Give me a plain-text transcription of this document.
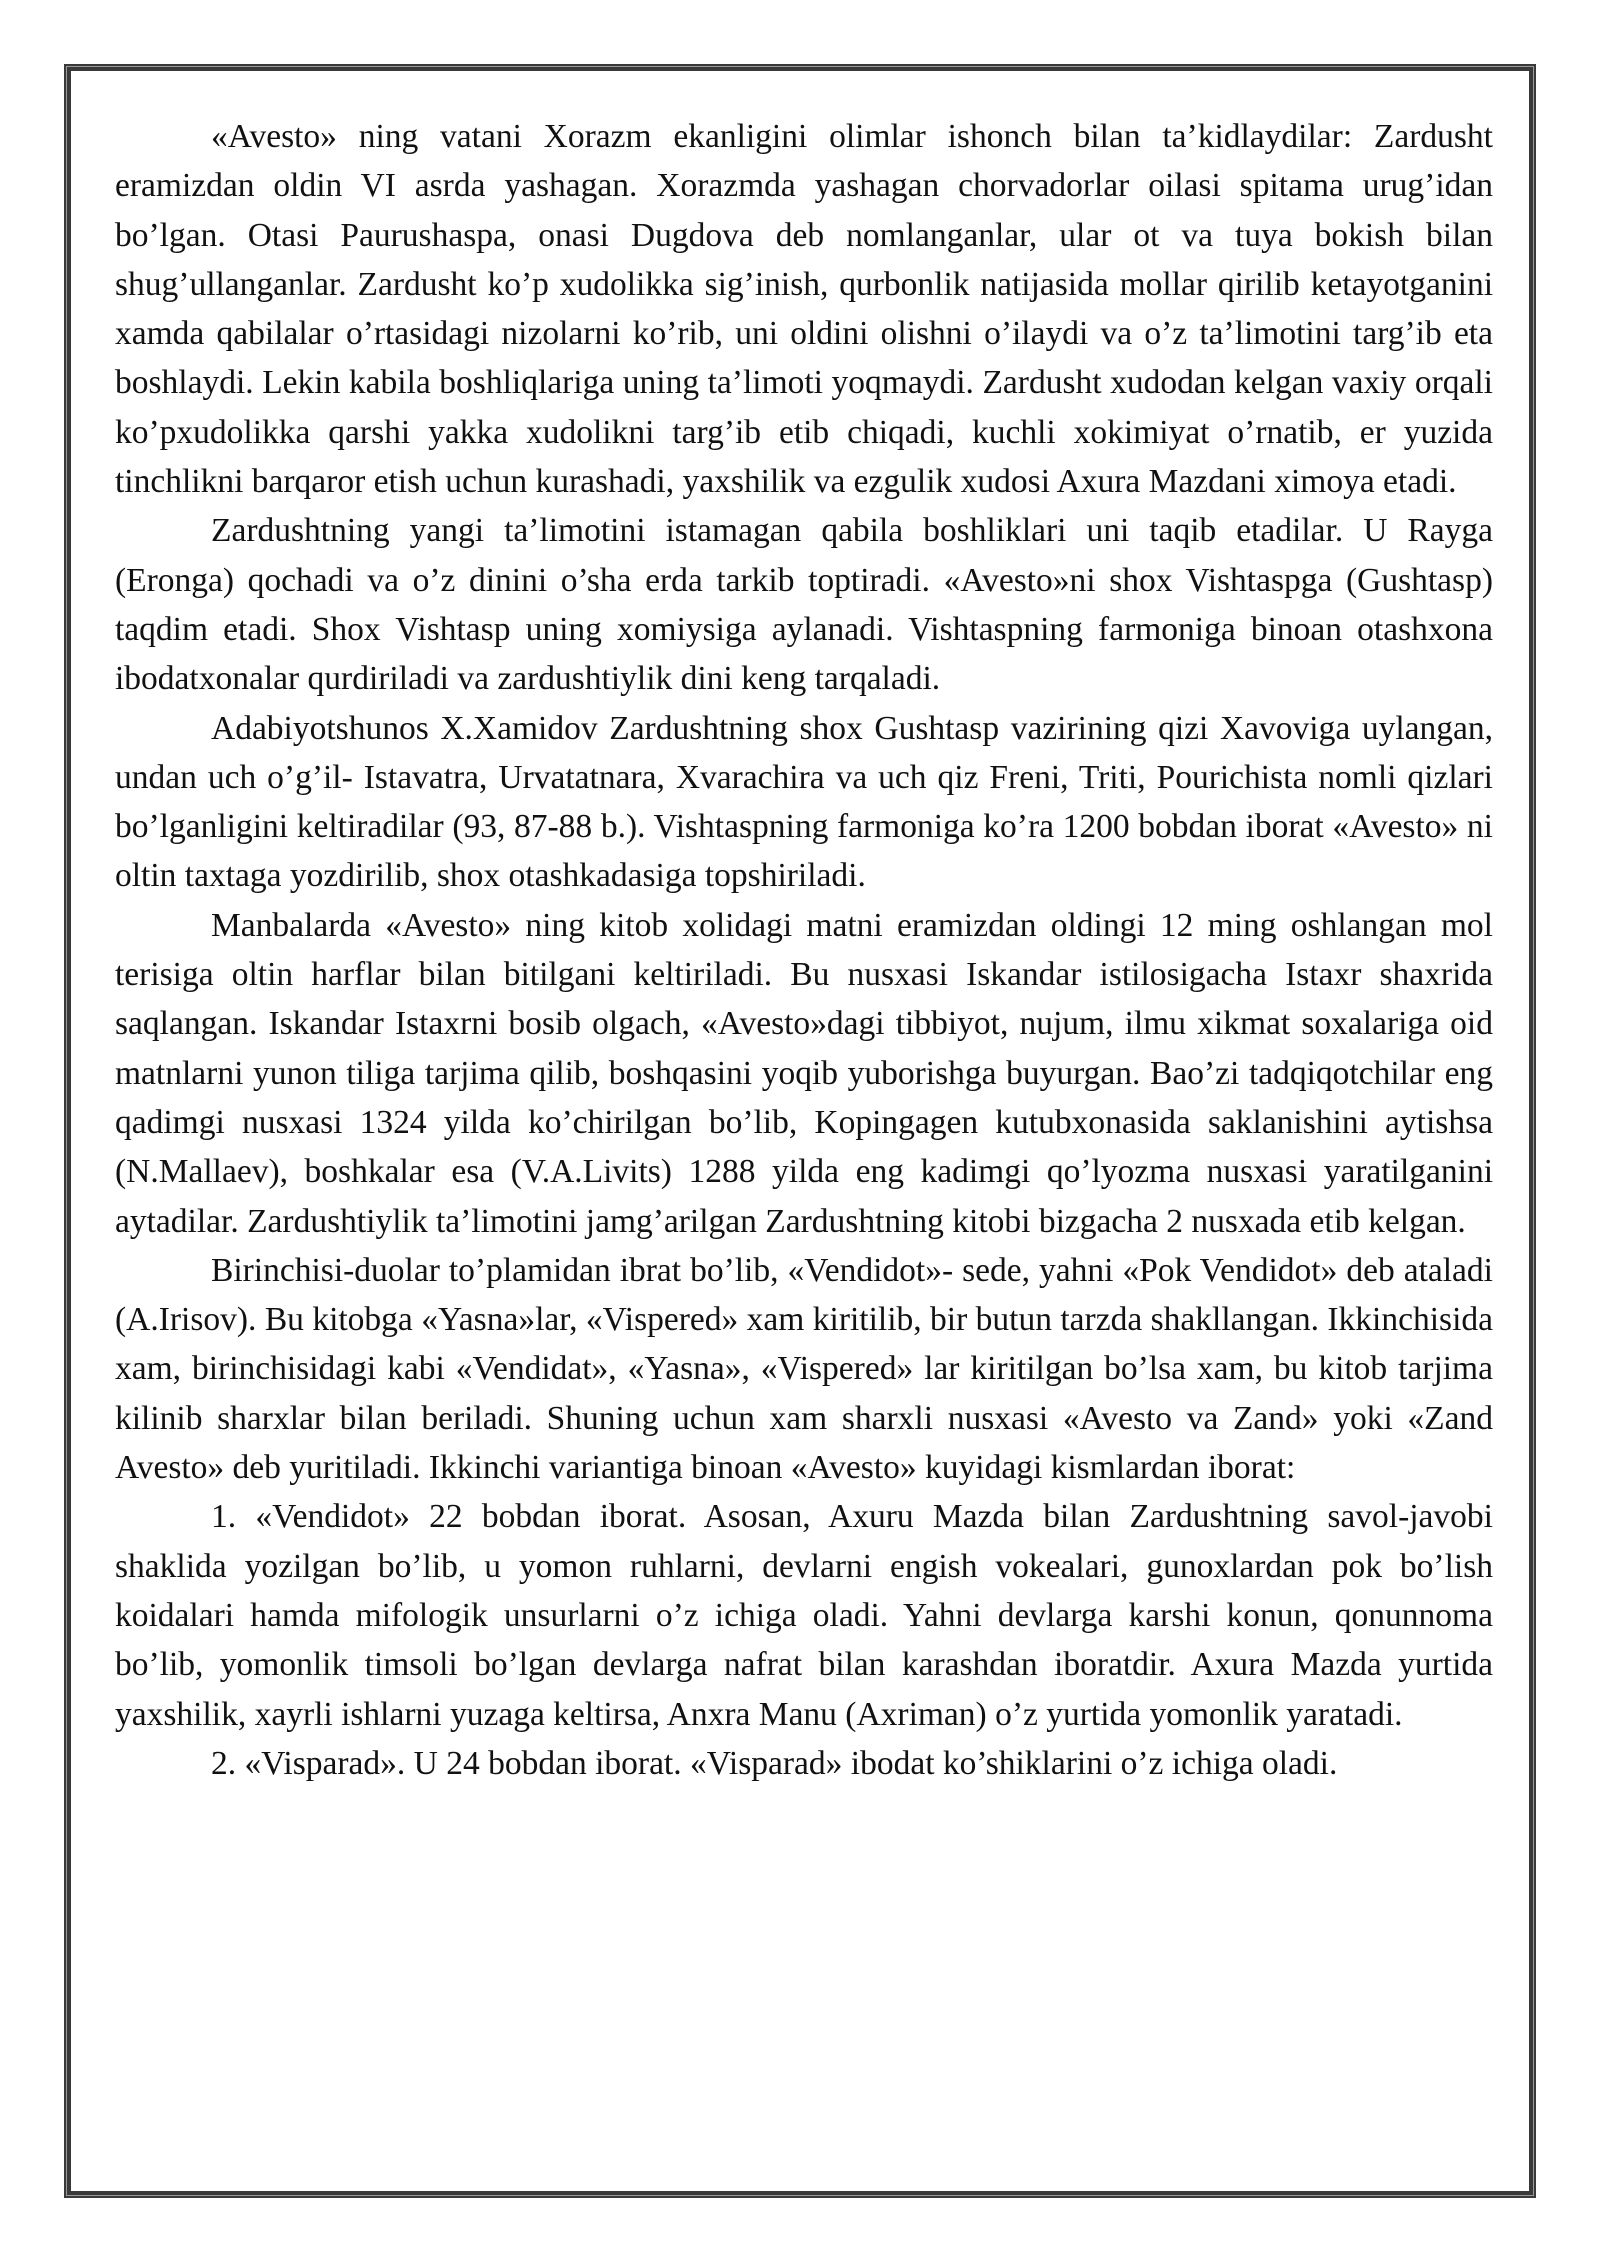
«Avesto» ning vatani Xorazm ekanligini olimlar ishonch bilan ta’kidlaydilar: Zardusht eramizdan oldin VI asrda yashagan. Xorazmda yashagan chorvadorlar oilasi spitama urug’idan bo’lgan. Otasi Paurushaspa, onasi Dugdova deb nomlanganlar, ular ot va tuya bokish bilan shug’ullanganlar. Zardusht ko’p xudolikka sig’inish, qurbonlik natijasida mollar qirilib ketayotganini xamda qabilalar o’rtasidagi nizolarni ko’rib, uni oldini olishni o’ilaydi va o’z ta’limotini targ’ib eta boshlaydi. Lekin kabila boshliqlariga uning ta’limoti yoqmaydi. Zardusht xudodan kelgan vaxiy orqali ko’pxudolikka qarshi yakka xudolikni targ’ib etib chiqadi, kuchli xokimiyat o’rnatib, er yuzida tinchlikni barqaror etish uchun kurashadi, yaxshilik va ezgulik xudosi Axura Mazdani ximoya etadi.

Zardushtning yangi ta’limotini istamagan qabila boshliklari uni taqib etadilar. U Rayga (Eronga) qochadi va o’z dinini o’sha erda tarkib toptiradi. «Avesto»ni shox Vishtaspga (Gushtasp) taqdim etadi. Shox Vishtasp uning xomiysiga aylanadi. Vishtaspning farmoniga binoan otashxona ibodatxonalar qurdiriladi va zardushtiylik dini keng tarqaladi.

Adabiyotshunos X.Xamidov Zardushtning shox Gushtasp vazirining qizi Xavoviga uylangan, undan uch o’g’il- Istavatra, Urvatatnara, Xvarachira va uch qiz Freni, Triti, Pourichista nomli qizlari bo’lganligini keltiradilar (93, 87-88 b.). Vishtaspning farmoniga ko’ra 1200 bobdan iborat «Avesto» ni oltin taxtaga yozdirilib, shox otashkadasiga topshiriladi.

Manbalarda «Avesto» ning kitob xolidagi matni eramizdan oldingi 12 ming oshlangan mol terisiga oltin harflar bilan bitilgani keltiriladi. Bu nusxasi Iskandar istilosigacha Istaxr shaxrida saqlangan. Iskandar Istaxrni bosib olgach, «Avesto»dagi tibbiyot, nujum, ilmu xikmat soxalariga oid matnlarni yunon tiliga tarjima qilib, boshqasini yoqib yuborishga buyurgan. Bao’zi tadqiqotchilar eng qadimgi nusxasi 1324 yilda ko’chirilgan bo’lib, Kopingagen kutubxonasida saklanishini aytishsa (N.Mallaev), boshkalar esa (V.A.Livits) 1288 yilda eng kadimgi qo’lyozma nusxasi yaratilganini aytadilar. Zardushtiylik ta’limotini jamg’arilgan Zardushtning kitobi bizgacha 2 nusxada etib kelgan.

Birinchisi-duolar to’plamidan ibrat bo’lib, «Vendidot»- sede, yahni «Pok Vendidot» deb ataladi (A.Irisov). Bu kitobga «Yasna»lar, «Vispered» xam kiritilib, bir butun tarzda shakllangan. Ikkinchisida xam, birinchisidagi kabi «Vendidat», «Yasna», «Vispered» lar kiritilgan bo’lsa xam, bu kitob tarjima kilinib sharxlar bilan beriladi. Shuning uchun xam sharxli nusxasi «Avesto va Zand» yoki «Zand Avesto» deb yuritiladi. Ikkinchi variantiga binoan «Avesto» kuyidagi kismlardan iborat:

1. «Vendidot» 22 bobdan iborat. Asosan, Axuru Mazda bilan Zardushtning savol-javobi shaklida yozilgan bo’lib, u yomon ruhlarni, devlarni engish vokealari, gunoxlardan pok bo’lish koidalari hamda mifologik unsurlarni o’z ichiga oladi. Yahni devlarga karshi konun, qonunnoma bo’lib, yomonlik timsoli bo’lgan devlarga nafrat bilan karashdan iboratdir. Axura Mazda yurtida yaxshilik, xayrli ishlarni yuzaga keltirsa, Anxra Manu (Axriman) o’z yurtida yomonlik yaratadi.

2. «Visparad». U 24 bobdan iborat. «Visparad» ibodat ko’shiklarini o’z ichiga oladi.
